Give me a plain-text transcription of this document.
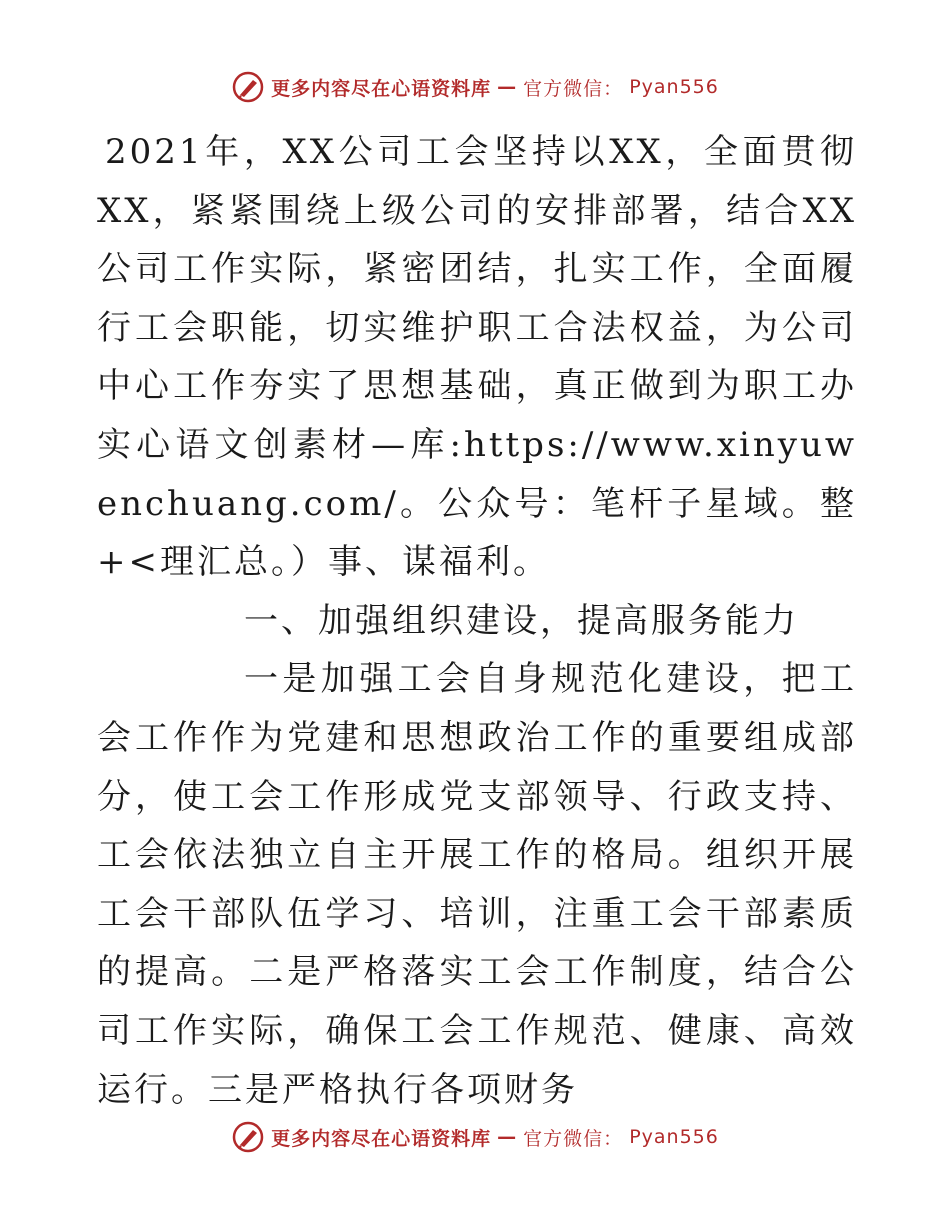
更多内容尽在心语资料库 — 官方微信： Pyan556

2021年，XX公司工会坚持以XX，全面贯彻XX，紧紧围绕上级公司的安排部署，结合XX公司工作实际，紧密团结，扎实工作，全面履行工会职能，切实维护职工合法权益，为公司中心工作夯实了思想基础，真正做到为职工办实心语文创素材—库:https://www.xinyuwenchuang.com/。公众号：笔杆子星域。整+<理汇总。）事、谋福利。

一、加强组织建设，提高服务能力

一是加强工会自身规范化建设，把工会工作作为党建和思想政治工作的重要组成部分，使工会工作形成党支部领导、行政支持、工会依法独立自主开展工作的格局。组织开展工会干部队伍学习、培训，注重工会干部素质的提高。二是严格落实工会工作制度，结合公司工作实际，确保工会工作规范、健康、高效运行。三是严格执行各项财务

更多内容尽在心语资料库 — 官方微信： Pyan556
